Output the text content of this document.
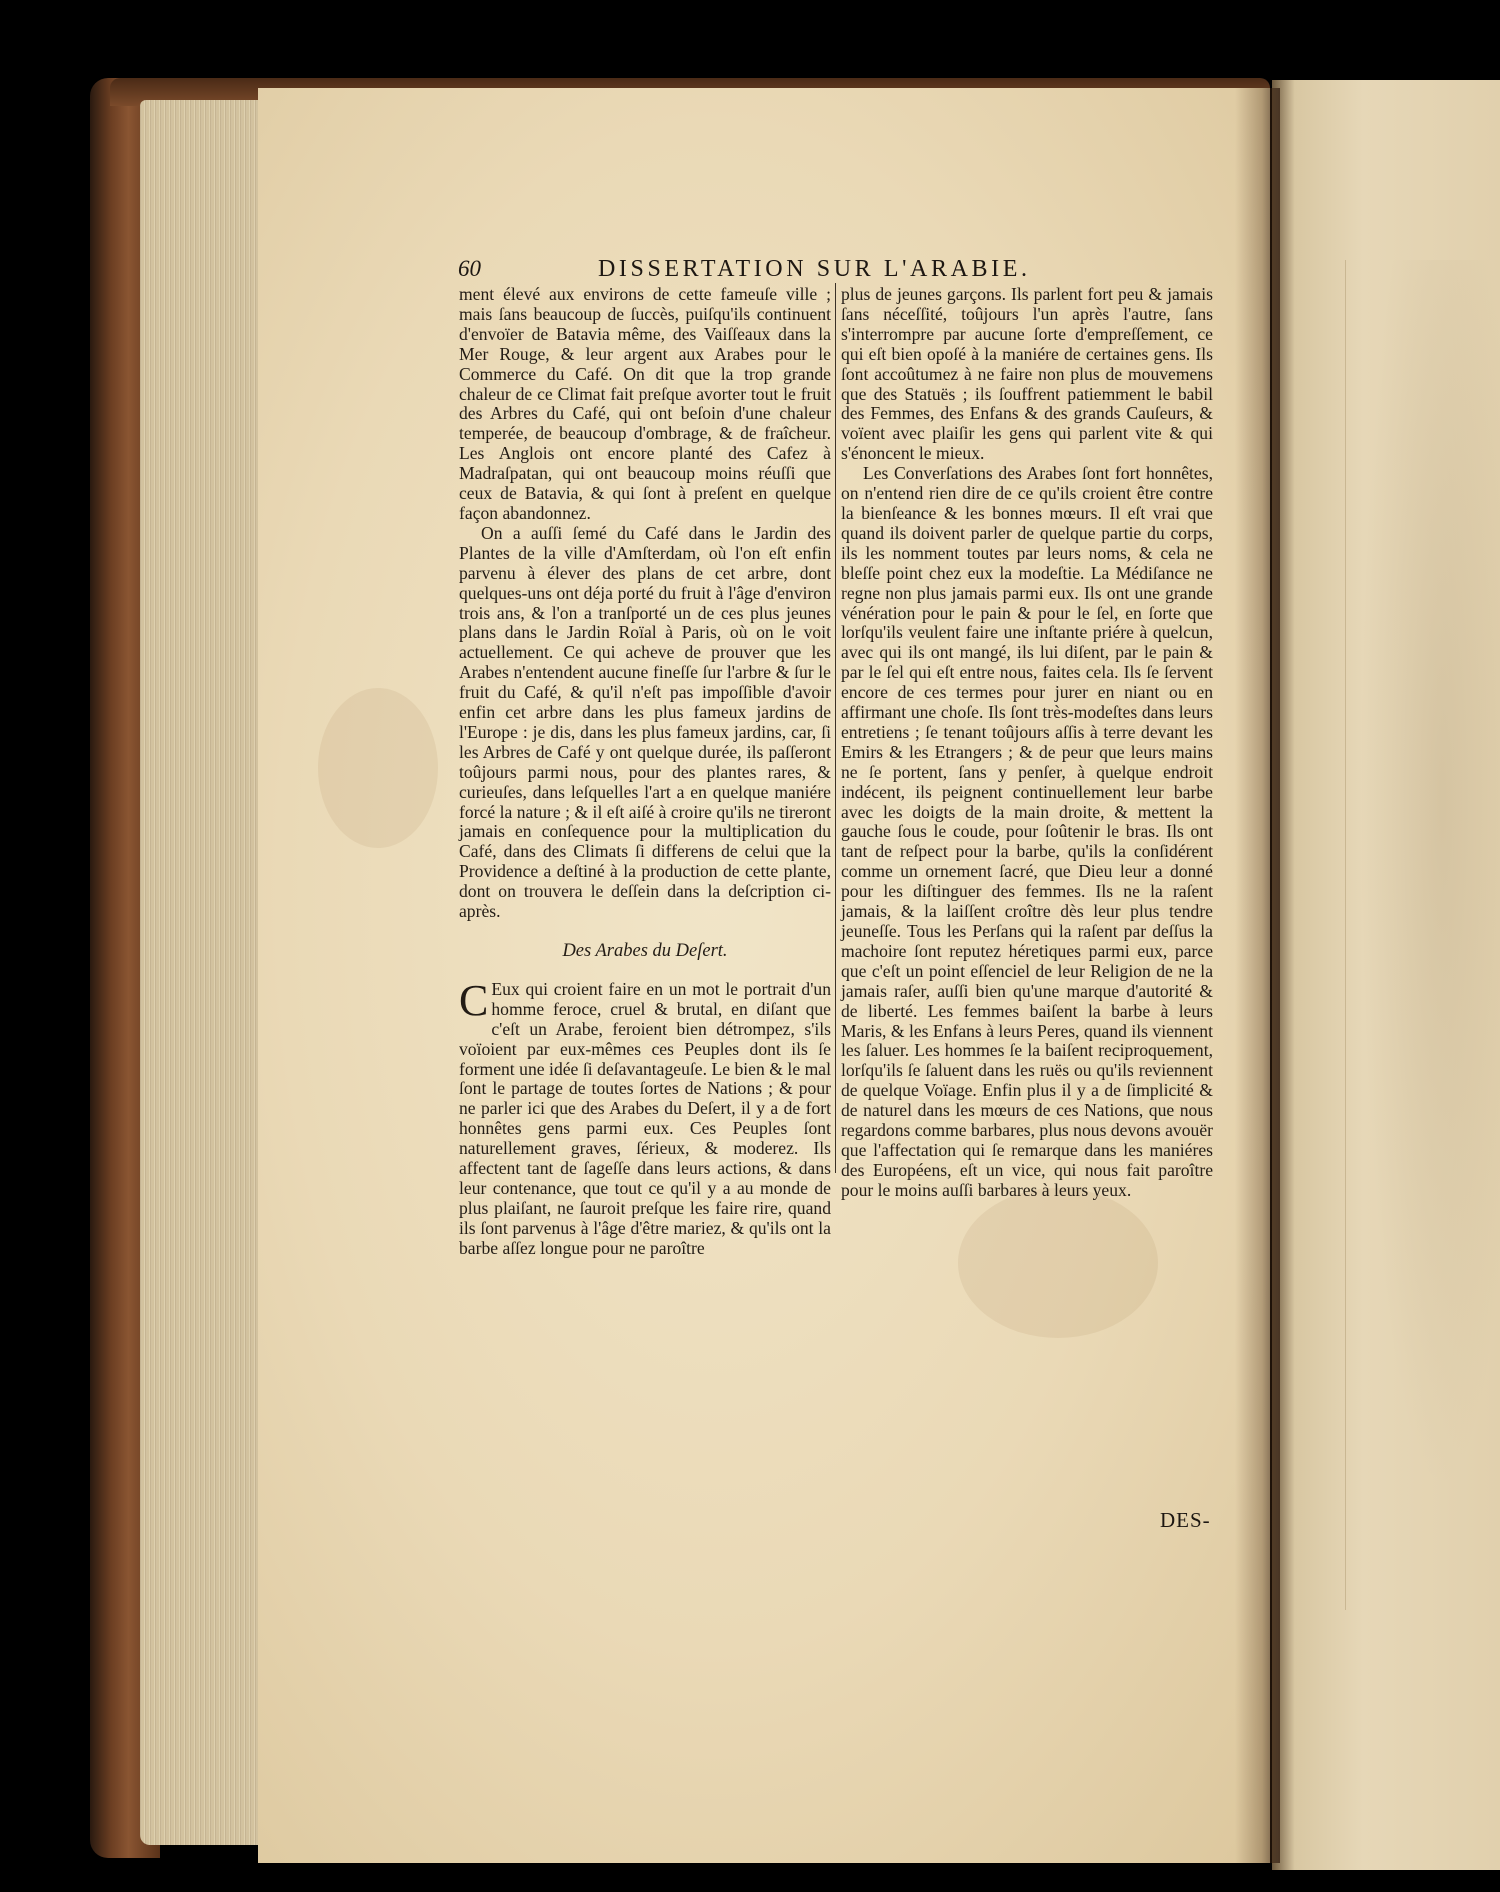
60	DISSERTATION SUR L'ARABIE.

ment élevé aux environs de cette fameuſe ville ; mais ſans beaucoup de ſuccès, puiſqu'ils continuent d'envoïer de Batavia même, des Vaiſſeaux dans la Mer Rouge, & leur argent aux Arabes pour le Commerce du Café. On dit que la trop grande chaleur de ce Climat fait preſque avorter tout le fruit des Arbres du Café, qui ont beſoin d'une chaleur temperée, de beaucoup d'ombrage, & de fraîcheur. Les Anglois ont encore planté des Cafez à Madraſpatan, qui ont beaucoup moins réuſſi que ceux de Batavia, & qui ſont à preſent en quelque façon abandonnez.

On a auſſi ſemé du Café dans le Jardin des Plantes de la ville d'Amſterdam, où l'on eſt enfin parvenu à élever des plans de cet arbre, dont quelques-uns ont déja porté du fruit à l'âge d'environ trois ans, & l'on a tranſporté un de ces plus jeunes plans dans le Jardin Roïal à Paris, où on le voit actuellement. Ce qui acheve de prouver que les Arabes n'entendent aucune fineſſe ſur l'arbre & ſur le fruit du Café, & qu'il n'eſt pas impoſſible d'avoir enfin cet arbre dans les plus fameux jardins de l'Europe : je dis, dans les plus fameux jardins, car, ſi les Arbres de Café y ont quelque durée, ils paſſeront toûjours parmi nous, pour des plantes rares, & curieuſes, dans leſquelles l'art a en quelque maniére forcé la nature ; & il eſt aiſé à croire qu'ils ne tireront jamais en conſequence pour la multiplication du Café, dans des Climats ſi differens de celui que la Providence a deſtiné à la production de cette plante, dont on trouvera le deſſein dans la deſcription ci-après.

Des Arabes du Deſert.

C Eux qui croient faire en un mot le portrait d'un homme feroce, cruel & brutal, en diſant que c'eſt un Arabe, feroient bien détrompez, s'ils voïoient par eux-mêmes ces Peuples dont ils ſe forment une idée ſi deſavantageuſe. Le bien & le mal ſont le partage de toutes ſortes de Nations ; & pour ne parler ici que des Arabes du Deſert, il y a de fort honnêtes gens parmi eux. Ces Peuples ſont naturellement graves, ſérieux, & moderez. Ils affectent tant de ſageſſe dans leurs actions, & dans leur contenance, que tout ce qu'il y a au monde de plus plaiſant, ne ſauroit preſque les faire rire, quand ils ſont parvenus à l'âge d'être mariez, & qu'ils ont la barbe aſſez longue pour ne paroître

plus de jeunes garçons. Ils parlent fort peu & jamais ſans néceſſité, toûjours l'un après l'autre, ſans s'interrompre par aucune ſorte d'empreſſement, ce qui eſt bien opoſé à la maniére de certaines gens. Ils ſont accoûtumez à ne faire non plus de mouvemens que des Statuës ; ils ſouffrent patiemment le babil des Femmes, des Enfans & des grands Cauſeurs, & voïent avec plaiſir les gens qui parlent vite & qui s'énoncent le mieux.

Les Converſations des Arabes ſont fort honnêtes, on n'entend rien dire de ce qu'ils croient être contre la bienſeance & les bonnes mœurs. Il eſt vrai que quand ils doivent parler de quelque partie du corps, ils les nomment toutes par leurs noms, & cela ne bleſſe point chez eux la modeſtie. La Médiſance ne regne non plus jamais parmi eux. Ils ont une grande vénération pour le pain & pour le ſel, en ſorte que lorſqu'ils veulent faire une inſtante priére à quelcun, avec qui ils ont mangé, ils lui diſent, par le pain & par le ſel qui eſt entre nous, faites cela. Ils ſe ſervent encore de ces termes pour jurer en niant ou en affirmant une choſe. Ils ſont très-modeſtes dans leurs entretiens ; ſe tenant toûjours aſſis à terre devant les Emirs & les Etrangers ; & de peur que leurs mains ne ſe portent, ſans y penſer, à quelque endroit indécent, ils peignent continuellement leur barbe avec les doigts de la main droite, & mettent la gauche ſous le coude, pour ſoûtenir le bras. Ils ont tant de reſpect pour la barbe, qu'ils la conſidérent comme un ornement ſacré, que Dieu leur a donné pour les diſtinguer des femmes. Ils ne la raſent jamais, & la laiſſent croître dès leur plus tendre jeuneſſe. Tous les Perſans qui la raſent par deſſus la machoire ſont reputez héretiques parmi eux, parce que c'eſt un point eſſenciel de leur Religion de ne la jamais raſer, auſſi bien qu'une marque d'autorité & de liberté. Les femmes baiſent la barbe à leurs Maris, & les Enfans à leurs Peres, quand ils viennent les ſaluer. Les hommes ſe la baiſent reciproquement, lorſqu'ils ſe ſaluent dans les ruës ou qu'ils reviennent de quelque Voïage. Enfin plus il y a de ſimplicité & de naturel dans les mœurs de ces Nations, que nous regardons comme barbares, plus nous devons avouër que l'affectation qui ſe remarque dans les maniéres des Européens, eſt un vice, qui nous fait paroître pour le moins auſſi barbares à leurs yeux.

DES-
